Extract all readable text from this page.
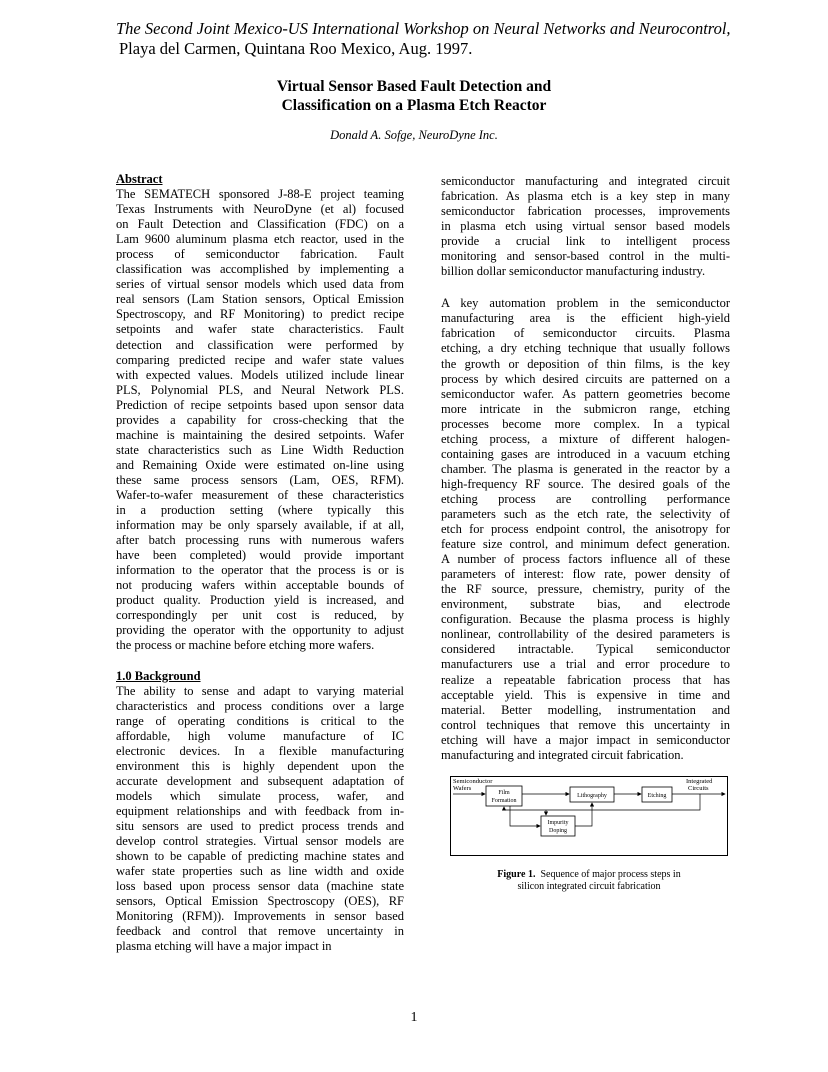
The Second Joint Mexico-US International Workshop on Neural Networks and Neurocontrol,
Playa del Carmen, Quintana Roo Mexico, Aug. 1997.
Virtual Sensor Based Fault Detection and
Classification on a Plasma Etch Reactor
Donald A. Sofge, NeuroDyne Inc.
Abstract
The SEMATECH sponsored J-88-E project teaming
Texas Instruments with NeuroDyne (et al) focused
on Fault Detection and Classification (FDC) on a
Lam 9600 aluminum plasma etch reactor, used in the
process of semiconductor fabrication. Fault
classification was accomplished by implementing a
series of virtual sensor models which used data from
real sensors (Lam Station sensors, Optical Emission
Spectroscopy, and RF Monitoring) to predict recipe
setpoints and wafer state characteristics. Fault
detection and classification were performed by
comparing predicted recipe and wafer state values
with expected values. Models utilized include linear
PLS, Polynomial PLS, and Neural Network PLS.
Prediction of recipe setpoints based upon sensor data
provides a capability for cross-checking that the
machine is maintaining the desired setpoints. Wafer
state characteristics such as Line Width Reduction
and Remaining Oxide were estimated on-line using
these same process sensors (Lam, OES, RFM).
Wafer-to-wafer measurement of these characteristics
in a production setting (where typically this
information may be only sparsely available, if at all,
after batch processing runs with numerous wafers
have been completed) would provide important
information to the operator that the process is or is
not producing wafers within acceptable bounds of
product quality. Production yield is increased, and
correspondingly per unit cost is reduced, by
providing the operator with the opportunity to adjust
the process or machine before etching more wafers.
1.0 Background
The ability to sense and adapt to varying material
characteristics and process conditions over a large
range of operating conditions is critical to the
affordable, high volume manufacture of IC
electronic devices. In a flexible manufacturing
environment this is highly dependent upon the
accurate development and subsequent adaptation of
models which simulate process, wafer, and
equipment relationships and with feedback from in-
situ sensors are used to predict process trends and
develop control strategies. Virtual sensor models are
shown to be capable of predicting machine states and
wafer state properties such as line width and oxide
loss based upon process sensor data (machine state
sensors, Optical Emission Spectroscopy (OES), RF
Monitoring (RFM)). Improvements in sensor based
feedback and control that remove uncertainty in
plasma etching will have a major impact in
semiconductor manufacturing and integrated circuit
fabrication. As plasma etch is a key step in many
semiconductor fabrication processes, improvements
in plasma etch using virtual sensor based models
provide a crucial link to intelligent process
monitoring and sensor-based control in the multi-
billion dollar semiconductor manufacturing industry.
A key automation problem in the semiconductor
manufacturing area is the efficient high-yield
fabrication of semiconductor circuits. Plasma
etching, a dry etching technique that usually follows
the growth or deposition of thin films, is the key
process by which desired circuits are patterned on a
semiconductor wafer. As pattern geometries become
more intricate in the submicron range, etching
processes become more complex. In a typical
etching process, a mixture of different halogen-
containing gases are introduced in a vacuum etching
chamber. The plasma is generated in the reactor by a
high-frequency RF source. The desired goals of the
etching process are controlling performance
parameters such as the etch rate, the selectivity of
etch for process endpoint control, the anisotropy for
feature size control, and minimum defect generation.
A number of process factors influence all of these
parameters of interest: flow rate, power density of
the RF source, pressure, chemistry, purity of the
environment, substrate bias, and electrode
configuration. Because the plasma process is highly
nonlinear, controllability of the desired parameters is
considered intractable. Typical semiconductor
manufacturers use a trial and error procedure to
realize a repeatable fabrication process that has
acceptable yield. This is expensive in time and
material. Better modelling, instrumentation and
control techniques that remove this uncertainty in
etching will have a major impact in semiconductor
manufacturing and integrated circuit fabrication.
Semiconductor
Wafers
Integrated
Circuits
Film
Formation
Lithography	Etching
Impurity
Doping
Figure 1. Sequence of major process steps in
silicon integrated circuit fabrication
1
